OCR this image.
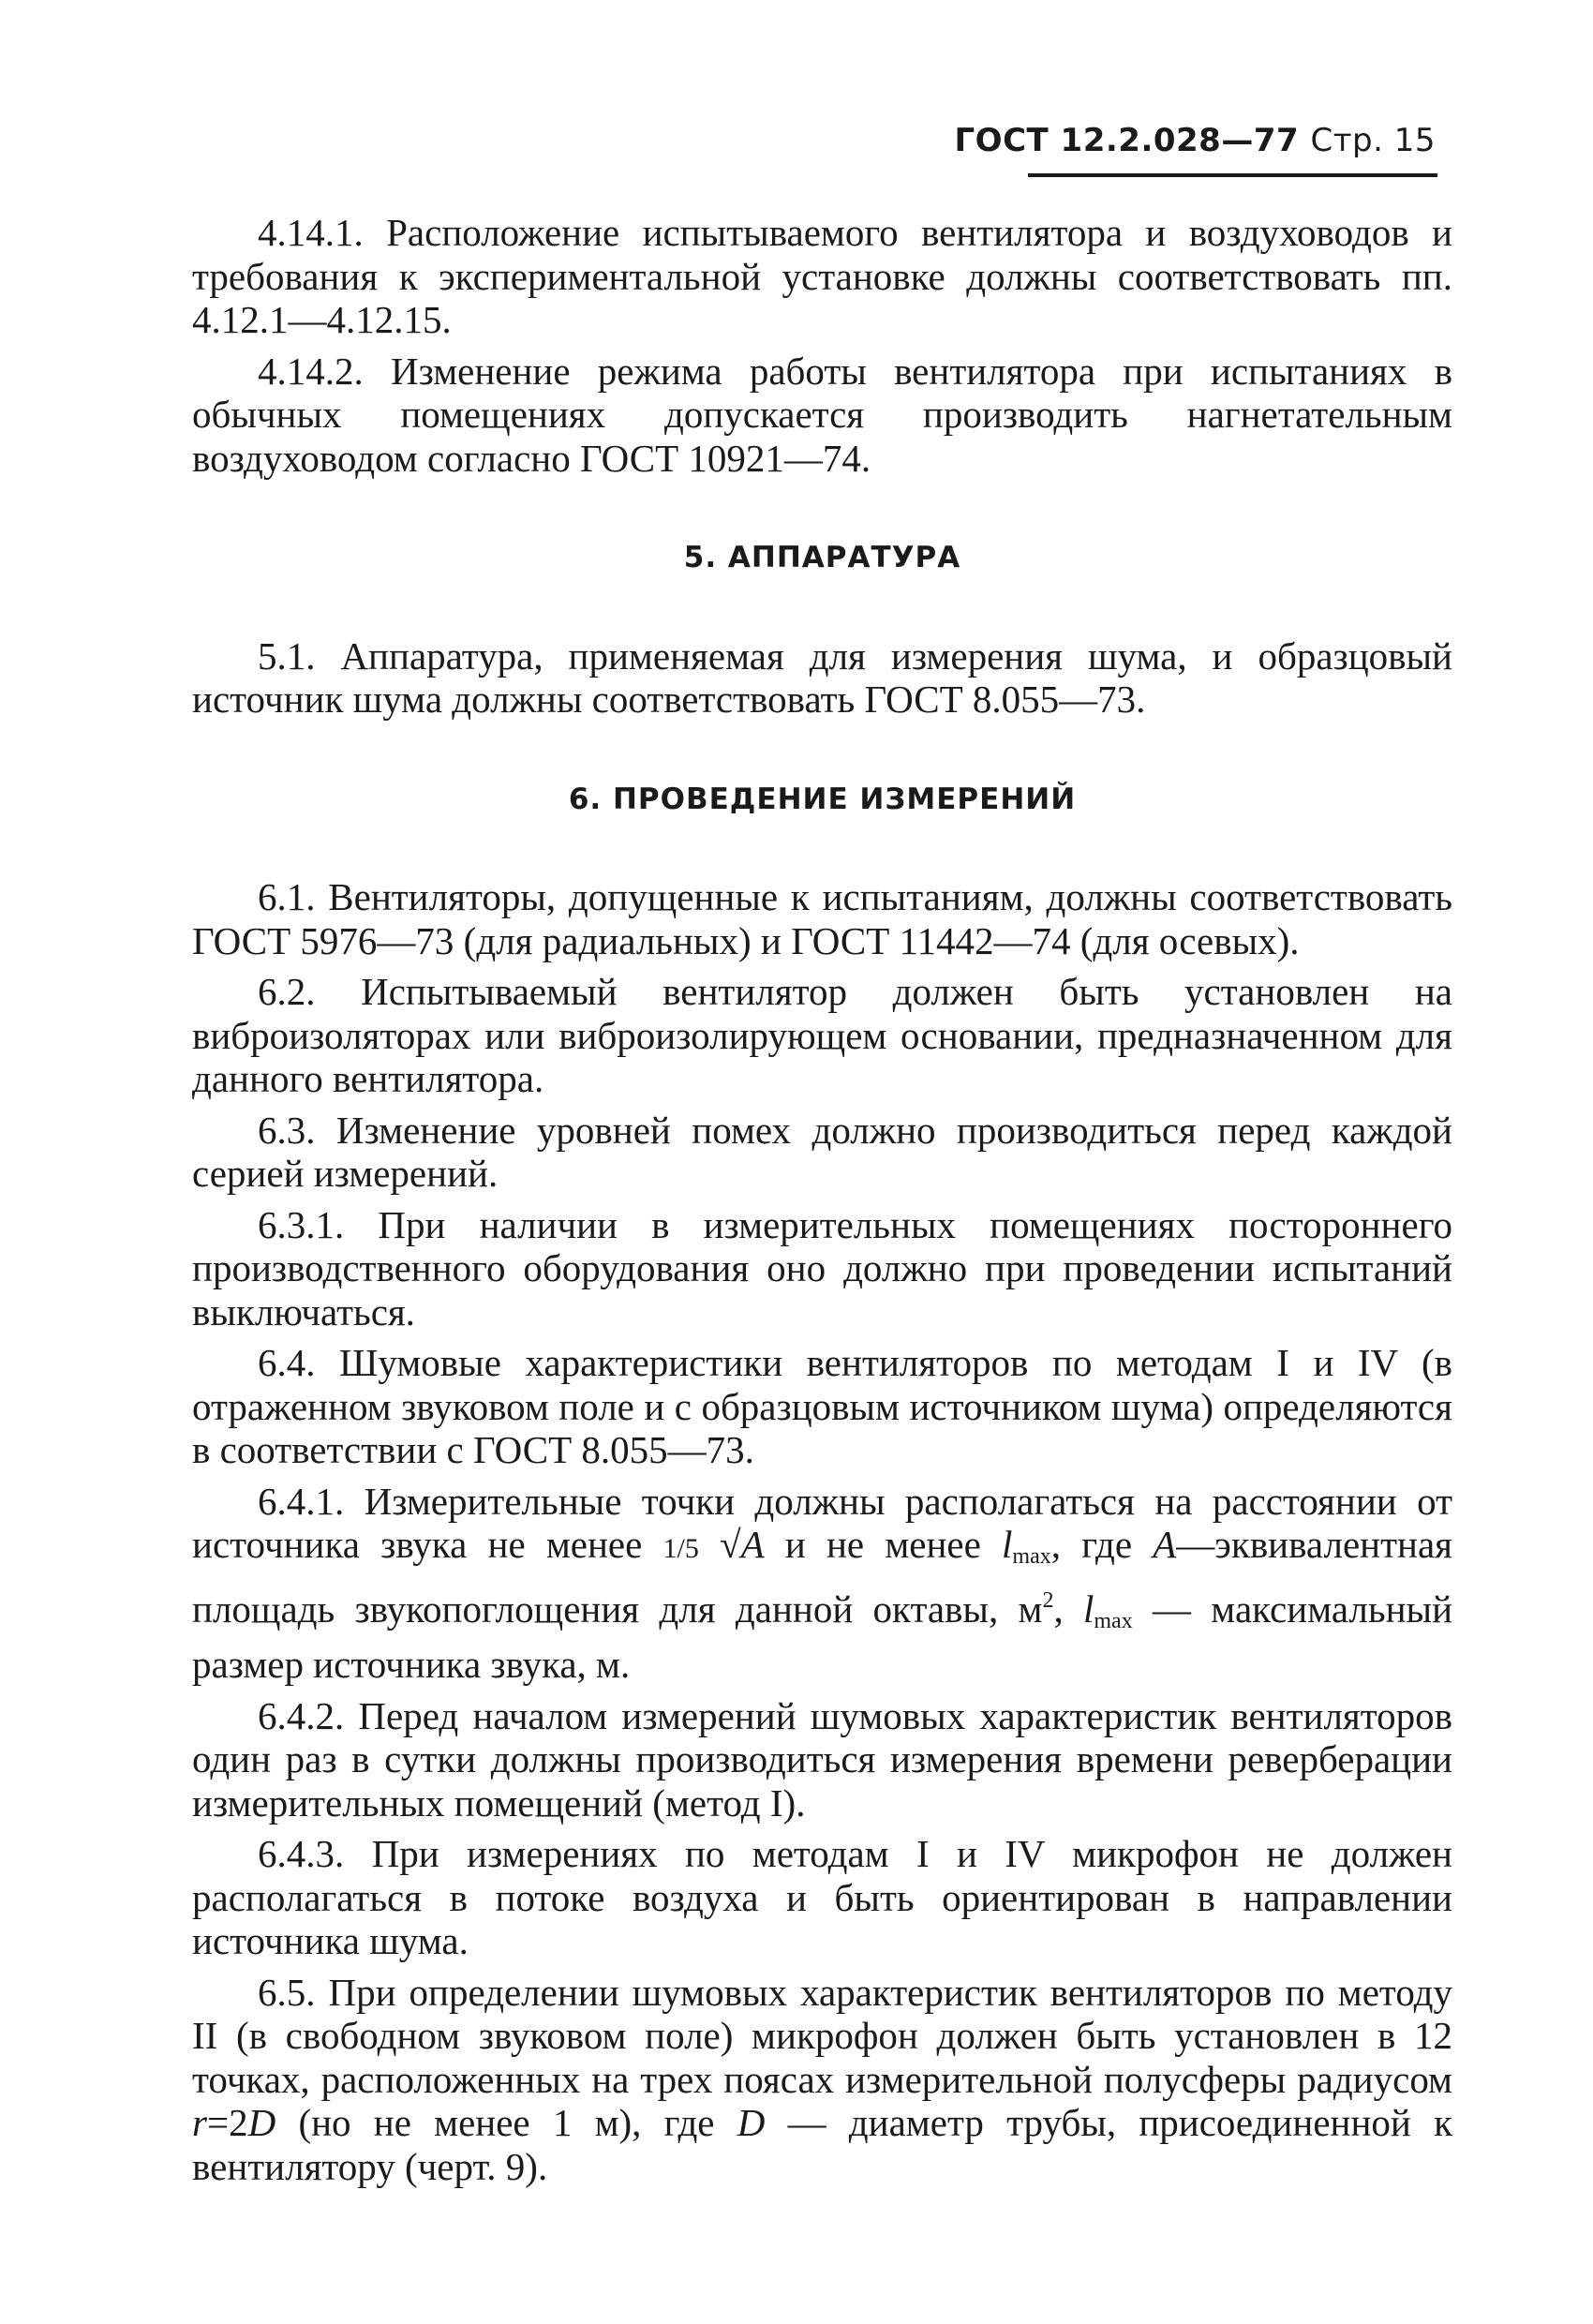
ГОСТ 12.2.028—77 Стр. 15

4.14.1. Расположение испытываемого вентилятора и воздуховодов и требования к экспериментальной установке должны соответствовать пп. 4.12.1—4.12.15.

4.14.2. Изменение режима работы вентилятора при испытаниях в обычных помещениях допускается производить нагнетательным воздуховодом согласно ГОСТ 10921—74.

5. АППАРАТУРА

5.1. Аппаратура, применяемая для измерения шума, и образцовый источник шума должны соответствовать ГОСТ 8.055—73.

6. ПРОВЕДЕНИЕ ИЗМЕРЕНИЙ

6.1. Вентиляторы, допущенные к испытаниям, должны соответствовать ГОСТ 5976—73 (для радиальных) и ГОСТ 11442—74 (для осевых).

6.2. Испытываемый вентилятор должен быть установлен на виброизоляторах или виброизолирующем основании, предназначенном для данного вентилятора.

6.3. Изменение уровней помех должно производиться перед каждой серией измерений.

6.3.1. При наличии в измерительных помещениях постороннего производственного оборудования оно должно при проведении испытаний выключаться.

6.4. Шумовые характеристики вентиляторов по методам I и IV (в отраженном звуковом поле и с образцовым источником шума) определяются в соответствии с ГОСТ 8.055—73.

6.4.1. Измерительные точки должны располагаться на расстоянии от источника звука не менее 1/5 √A и не менее $l_{max}$, где A—эквивалентная площадь звукопоглощения для данной октавы, $м^2$, $l_{max}$ — максимальный размер источника звука, м.

6.4.2. Перед началом измерений шумовых характеристик вентиляторов один раз в сутки должны производиться измерения времени реверберации измерительных помещений (метод I).

6.4.3. При измерениях по методам I и IV микрофон не должен располагаться в потоке воздуха и быть ориентирован в направлении источника шума.

6.5. При определении шумовых характеристик вентиляторов по методу II (в свободном звуковом поле) микрофон должен быть установлен в 12 точках, расположенных на трех поясах измерительной полусферы радиусом r=2D (но не менее 1 м), где D — диаметр трубы, присоединенной к вентилятору (черт. 9).
